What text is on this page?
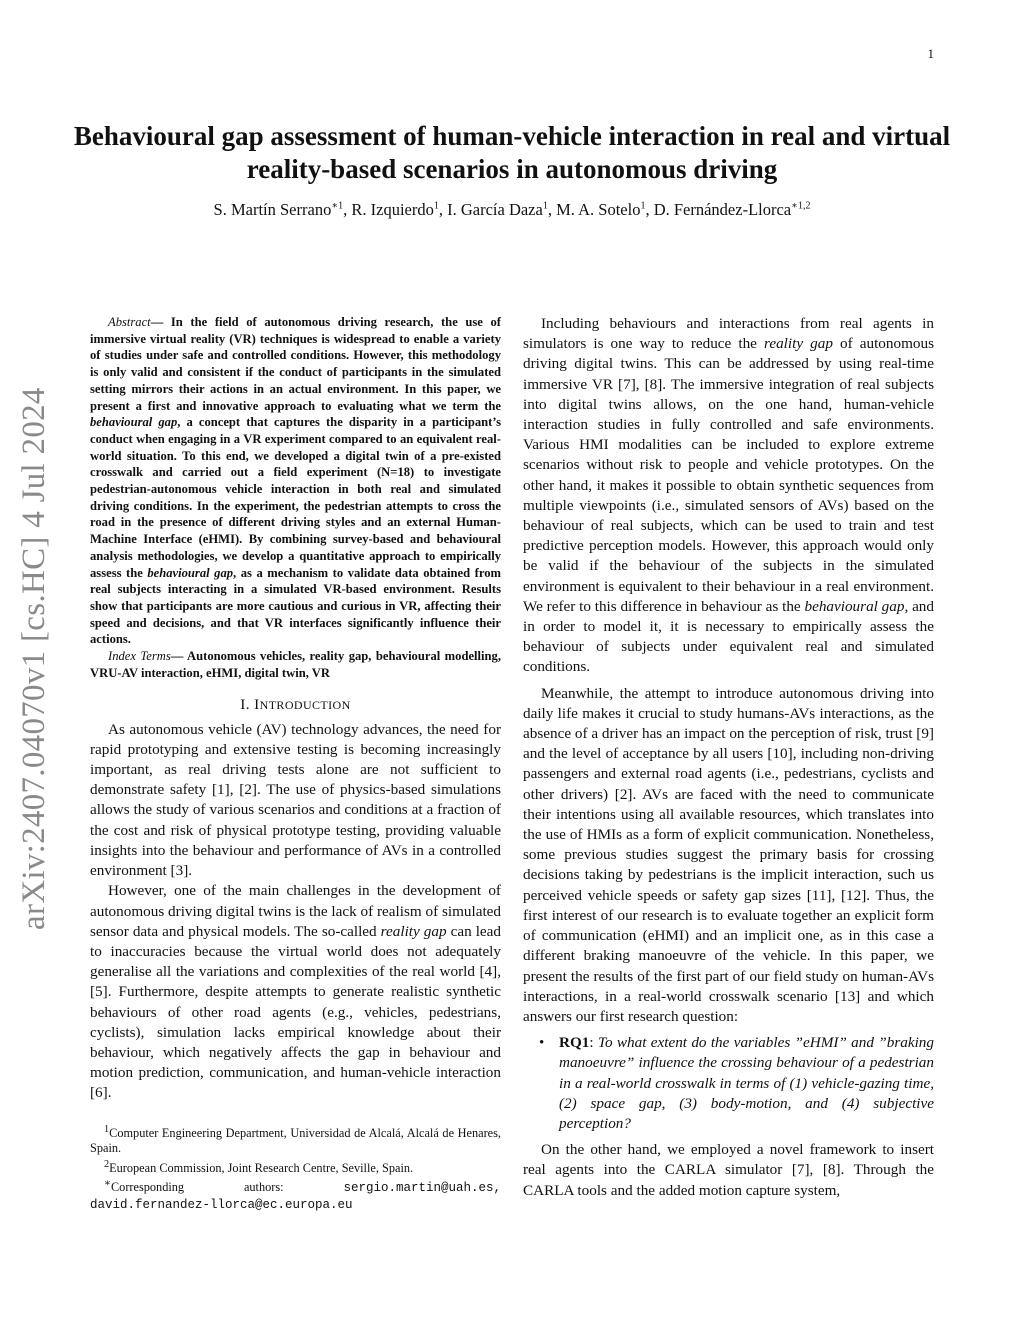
1
Behavioural gap assessment of human-vehicle interaction in real and virtual reality-based scenarios in autonomous driving
S. Martín Serrano$^{∗1}$, R. Izquierdo$^1$, I. García Daza$^1$, M. A. Sotelo$^1$, D. Fernández-Llorca$^{∗1,2}$
arXiv:2407.04070v1 [cs.HC] 4 Jul 2024

Abstract— In the field of autonomous driving research, the use of immersive virtual reality (VR) techniques is widespread to enable a variety of studies under safe and controlled conditions. However, this methodology is only valid and consistent if the conduct of participants in the simulated setting mirrors their actions in an actual environment. In this paper, we present a first and innovative approach to evaluating what we term the behavioural gap, a concept that captures the disparity in a participant’s conduct when engaging in a VR experiment compared to an equivalent real-world situation. To this end, we developed a digital twin of a pre-existed crosswalk and carried out a field experiment (N=18) to investigate pedestrian-autonomous vehicle interaction in both real and simulated driving conditions. In the experiment, the pedestrian attempts to cross the road in the presence of different driving styles and an external Human-Machine Interface (eHMI). By combining survey-based and behavioural analysis methodologies, we develop a quantitative approach to empirically assess the behavioural gap, as a mechanism to validate data obtained from real subjects interacting in a simulated VR-based environment. Results show that participants are more cautious and curious in VR, affecting their speed and decisions, and that VR interfaces significantly influence their actions.

Index Terms— Autonomous vehicles, reality gap, behavioural modelling, VRU-AV interaction, eHMI, digital twin, VR

I. INTRODUCTION

As autonomous vehicle (AV) technology advances, the need for rapid prototyping and extensive testing is becoming increasingly important, as real driving tests alone are not sufficient to demonstrate safety [1], [2]. The use of physics-based simulations allows the study of various scenarios and conditions at a fraction of the cost and risk of physical prototype testing, providing valuable insights into the behaviour and performance of AVs in a controlled environment [3].

However, one of the main challenges in the development of autonomous driving digital twins is the lack of realism of simulated sensor data and physical models. The so-called reality gap can lead to inaccuracies because the virtual world does not adequately generalise all the variations and complexities of the real world [4], [5]. Furthermore, despite attempts to generate realistic synthetic behaviours of other road agents (e.g., vehicles, pedestrians, cyclists), simulation lacks empirical knowledge about their behaviour, which negatively affects the gap in behaviour and motion prediction, communication, and human-vehicle interaction [6].

$^1$Computer Engineering Department, Universidad de Alcalá, Alcalá de Henares, Spain.
$^2$European Commission, Joint Research Centre, Seville, Spain.
∗Corresponding authors:	sergio.martin@uah.es,
david.fernandez-llorca@ec.europa.eu

Including behaviours and interactions from real agents in simulators is one way to reduce the reality gap of autonomous driving digital twins. This can be addressed by using real-time immersive VR [7], [8]. The immersive integration of real subjects into digital twins allows, on the one hand, human-vehicle interaction studies in fully controlled and safe environments. Various HMI modalities can be included to explore extreme scenarios without risk to people and vehicle prototypes. On the other hand, it makes it possible to obtain synthetic sequences from multiple viewpoints (i.e., simulated sensors of AVs) based on the behaviour of real subjects, which can be used to train and test predictive perception models. However, this approach would only be valid if the behaviour of the subjects in the simulated environment is equivalent to their behaviour in a real environment. We refer to this difference in behaviour as the behavioural gap, and in order to model it, it is necessary to empirically assess the behaviour of subjects under equivalent real and simulated conditions.

Meanwhile, the attempt to introduce autonomous driving into daily life makes it crucial to study humans-AVs interactions, as the absence of a driver has an impact on the perception of risk, trust [9] and the level of acceptance by all users [10], including non-driving passengers and external road agents (i.e., pedestrians, cyclists and other drivers) [2]. AVs are faced with the need to communicate their intentions using all available resources, which translates into the use of HMIs as a form of explicit communication. Nonetheless, some previous studies suggest the primary basis for crossing decisions taking by pedestrians is the implicit interaction, such us perceived vehicle speeds or safety gap sizes [11], [12]. Thus, the first interest of our research is to evaluate together an explicit form of communication (eHMI) and an implicit one, as in this case a different braking manoeuvre of the vehicle. In this paper, we present the results of the first part of our field study on human-AVs interactions, in a real-world crosswalk scenario [13] and which answers our first research question:

• RQ1: To what extent do the variables ”eHMI” and ”braking manoeuvre” influence the crossing behaviour of a pedestrian in a real-world crosswalk in terms of (1) vehicle-gazing time, (2) space gap, (3) body-motion, and (4) subjective perception?

On the other hand, we employed a novel framework to insert real agents into the CARLA simulator [7], [8]. Through the CARLA tools and the added motion capture system,
